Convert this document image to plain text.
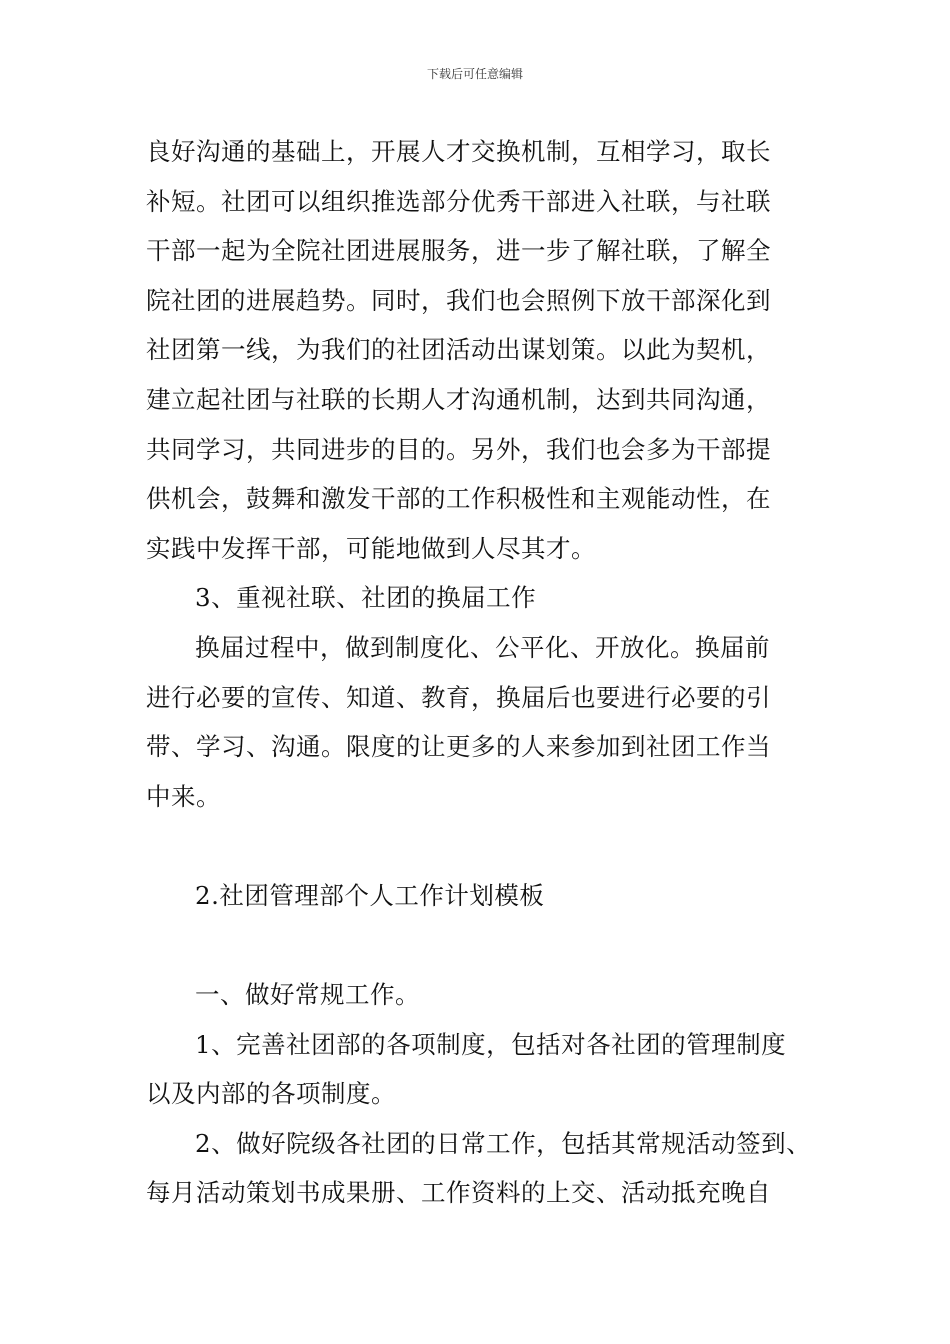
下载后可任意编辑
良好沟通的基础上，开展人才交换机制，互相学习，取长
补短。社团可以组织推选部分优秀干部进入社联，与社联
干部一起为全院社团进展服务，进一步了解社联，了解全
院社团的进展趋势。同时，我们也会照例下放干部深化到
社团第一线，为我们的社团活动出谋划策。以此为契机，
建立起社团与社联的长期人才沟通机制，达到共同沟通，
共同学习，共同进步的目的。另外，我们也会多为干部提
供机会，鼓舞和激发干部的工作积极性和主观能动性，在
实践中发挥干部，可能地做到人尽其才。
3、重视社联、社团的换届工作
换届过程中，做到制度化、公平化、开放化。换届前
进行必要的宣传、知道、教育，换届后也要进行必要的引
带、学习、沟通。限度的让更多的人来参加到社团工作当
中来。
2.社团管理部个人工作计划模板
一、做好常规工作。
1、完善社团部的各项制度，包括对各社团的管理制度
以及内部的各项制度。
2、做好院级各社团的日常工作，包括其常规活动签到、
每月活动策划书成果册、工作资料的上交、活动抵充晚自
